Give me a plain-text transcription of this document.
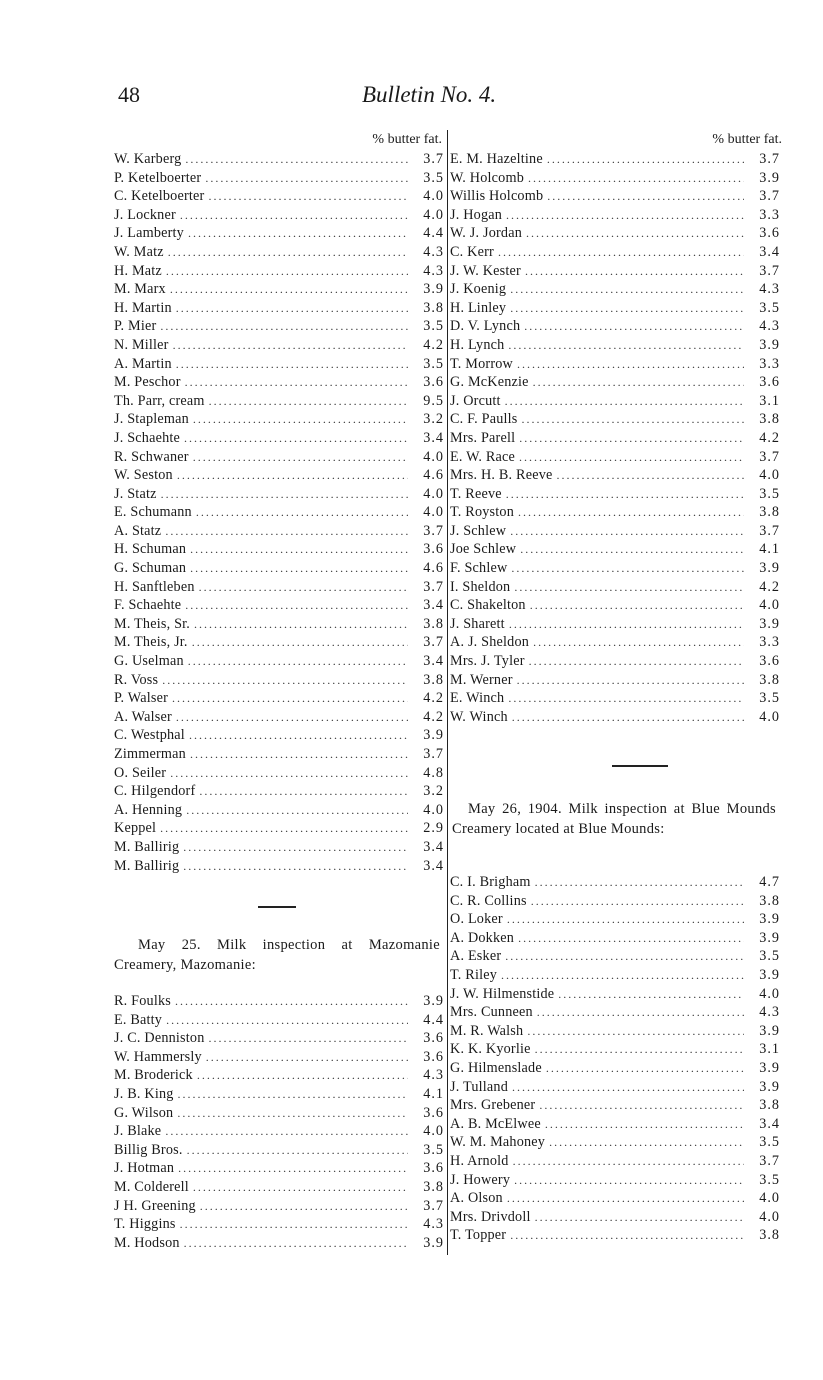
48	Bulletin No. 4.
% butter fat.	% butter fat.
W. Karberg .....	3.7
P. Ketelboerter .....	3.5
C. Ketelboerter .....	4.0
J. Lockner .....	4.0
J. Lamberty .....	4.4
W. Matz .....	4.3
H. Matz .....	4.3
M. Marx .....	3.9
H. Martin .....	3.8
P. Mier .....	3.5
N. Miller .....	4.2
A. Martin .....	3.5
M. Peschor .....	3.6
Th. Parr, cream .....	9.5
J. Stapleman .....	3.2
J. Schaehte .....	3.4
R. Schwaner .....	4.0
W. Seston .....	4.6
J. Statz .....	4.0
E. Schumann .....	4.0
A. Statz .....	3.7
H. Schuman .....	3.6
G. Schuman .....	4.6
H. Sanftleben .....	3.7
F. Schaehte .....	3.4
M. Theis, Sr. .....	3.8
M. Theis, Jr. .....	3.7
G. Uselman .....	3.4
R. Voss .....	3.8
P. Walser .....	4.2
A. Walser .....	4.2
C. Westphal .....	3.9
Zimmerman .....	3.7
O. Seiler .....	4.8
C. Hilgendorf .....	3.2
A. Henning .....	4.0
Keppel .....	2.9
M. Ballirig .....	3.4
M. Ballirig .....	3.4
May 25. Milk inspection at Mazomanie Creamery, Mazomanie:
R. Foulks .....	3.9
E. Batty .....	4.4
J. C. Denniston .....	3.6
W. Hammersly .....	3.6
M. Broderick .....	4.3
J. B. King .....	4.1
G. Wilson .....	3.6
J. Blake .....	4.0
Billig Bros. .....	3.5
J. Hotman .....	3.6
M. Colderell .....	3.8
J H. Greening .....	3.7
T. Higgins .....	4.3
M. Hodson .....	3.9
E. M. Hazeltine .....	3.7
W. Holcomb .....	3.9
Willis Holcomb .....	3.7
J. Hogan .....	3.3
W. J. Jordan .....	3.6
C. Kerr .....	3.4
J. W. Kester .....	3.7
J. Koenig .....	4.3
H. Linley .....	3.5
D. V. Lynch .....	4.3
H. Lynch .....	3.9
T. Morrow .....	3.3
G. McKenzie .....	3.6
J. Orcutt .....	3.1
C. F. Paulls .....	3.8
Mrs. Parell .....	4.2
E. W. Race .....	3.7
Mrs. H. B. Reeve .....	4.0
T. Reeve .....	3.5
T. Royston .....	3.8
J. Schlew .....	3.7
Joe Schlew .....	4.1
F. Schlew .....	3.9
I. Sheldon .....	4.2
C. Shakelton .....	4.0
J. Sharett .....	3.9
A. J. Sheldon .....	3.3
Mrs. J. Tyler .....	3.6
M. Werner .....	3.8
E. Winch .....	3.5
W. Winch .....	4.0
May 26, 1904. Milk inspection at Blue Mounds Creamery located at Blue Mounds:
C. I. Brigham .....	4.7
C. R. Collins .....	3.8
O. Loker .....	3.9
A. Dokken .....	3.9
A. Esker .....	3.5
T. Riley .....	3.9
J. W. Hilmenstide .....	4.0
Mrs. Cunneen .....	4.3
M. R. Walsh .....	3.9
K. K. Kyorlie .....	3.1
G. Hilmenslade .....	3.9
J. Tulland .....	3.9
Mrs. Grebener .....	3.8
A. B. McElwee .....	3.4
W. M. Mahoney .....	3.5
H. Arnold .....	3.7
J. Howery .....	3.5
A. Olson .....	4.0
Mrs. Drivdoll .....	4.0
T. Topper .....	3.8
